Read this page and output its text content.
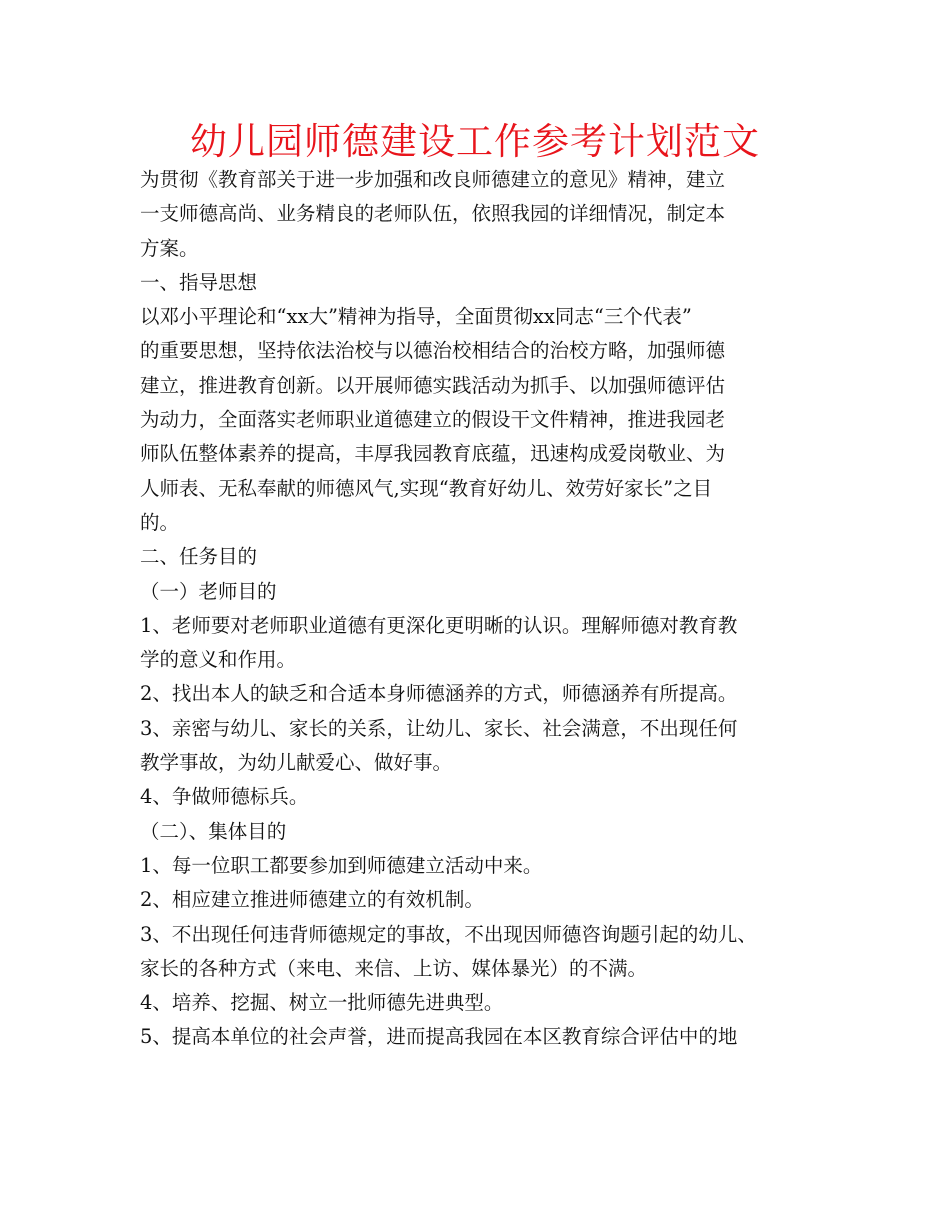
幼儿园师德建设工作参考计划范文
为贯彻《教育部关于进一步加强和改良师德建立的意见》精神，建立
一支师德高尚、业务精良的老师队伍，依照我园的详细情况，制定本
方案。
一、指导思想
以邓小平理论和“xx大”精神为指导，全面贯彻xx同志“三个代表”
的重要思想，坚持依法治校与以德治校相结合的治校方略，加强师德
建立，推进教育创新。以开展师德实践活动为抓手、以加强师德评估
为动力，全面落实老师职业道德建立的假设干文件精神，推进我园老
师队伍整体素养的提高，丰厚我园教育底蕴，迅速构成爱岗敬业、为
人师表、无私奉献的师德风气,实现“教育好幼儿、效劳好家长”之目
的。
二、任务目的
（一）老师目的
1、老师要对老师职业道德有更深化更明晰的认识。理解师德对教育教
学的意义和作用。
2、找出本人的缺乏和合适本身师德涵养的方式，师德涵养有所提高。
3、亲密与幼儿、家长的关系，让幼儿、家长、社会满意，不出现任何
教学事故，为幼儿献爱心、做好事。
4、争做师德标兵。
（二）、集体目的
1、每一位职工都要参加到师德建立活动中来。
2、相应建立推进师德建立的有效机制。
3、不出现任何违背师德规定的事故，不出现因师德咨询题引起的幼儿、
家长的各种方式（来电、来信、上访、媒体暴光）的不满。
4、培养、挖掘、树立一批师德先进典型。
5、提高本单位的社会声誉，进而提高我园在本区教育综合评估中的地
